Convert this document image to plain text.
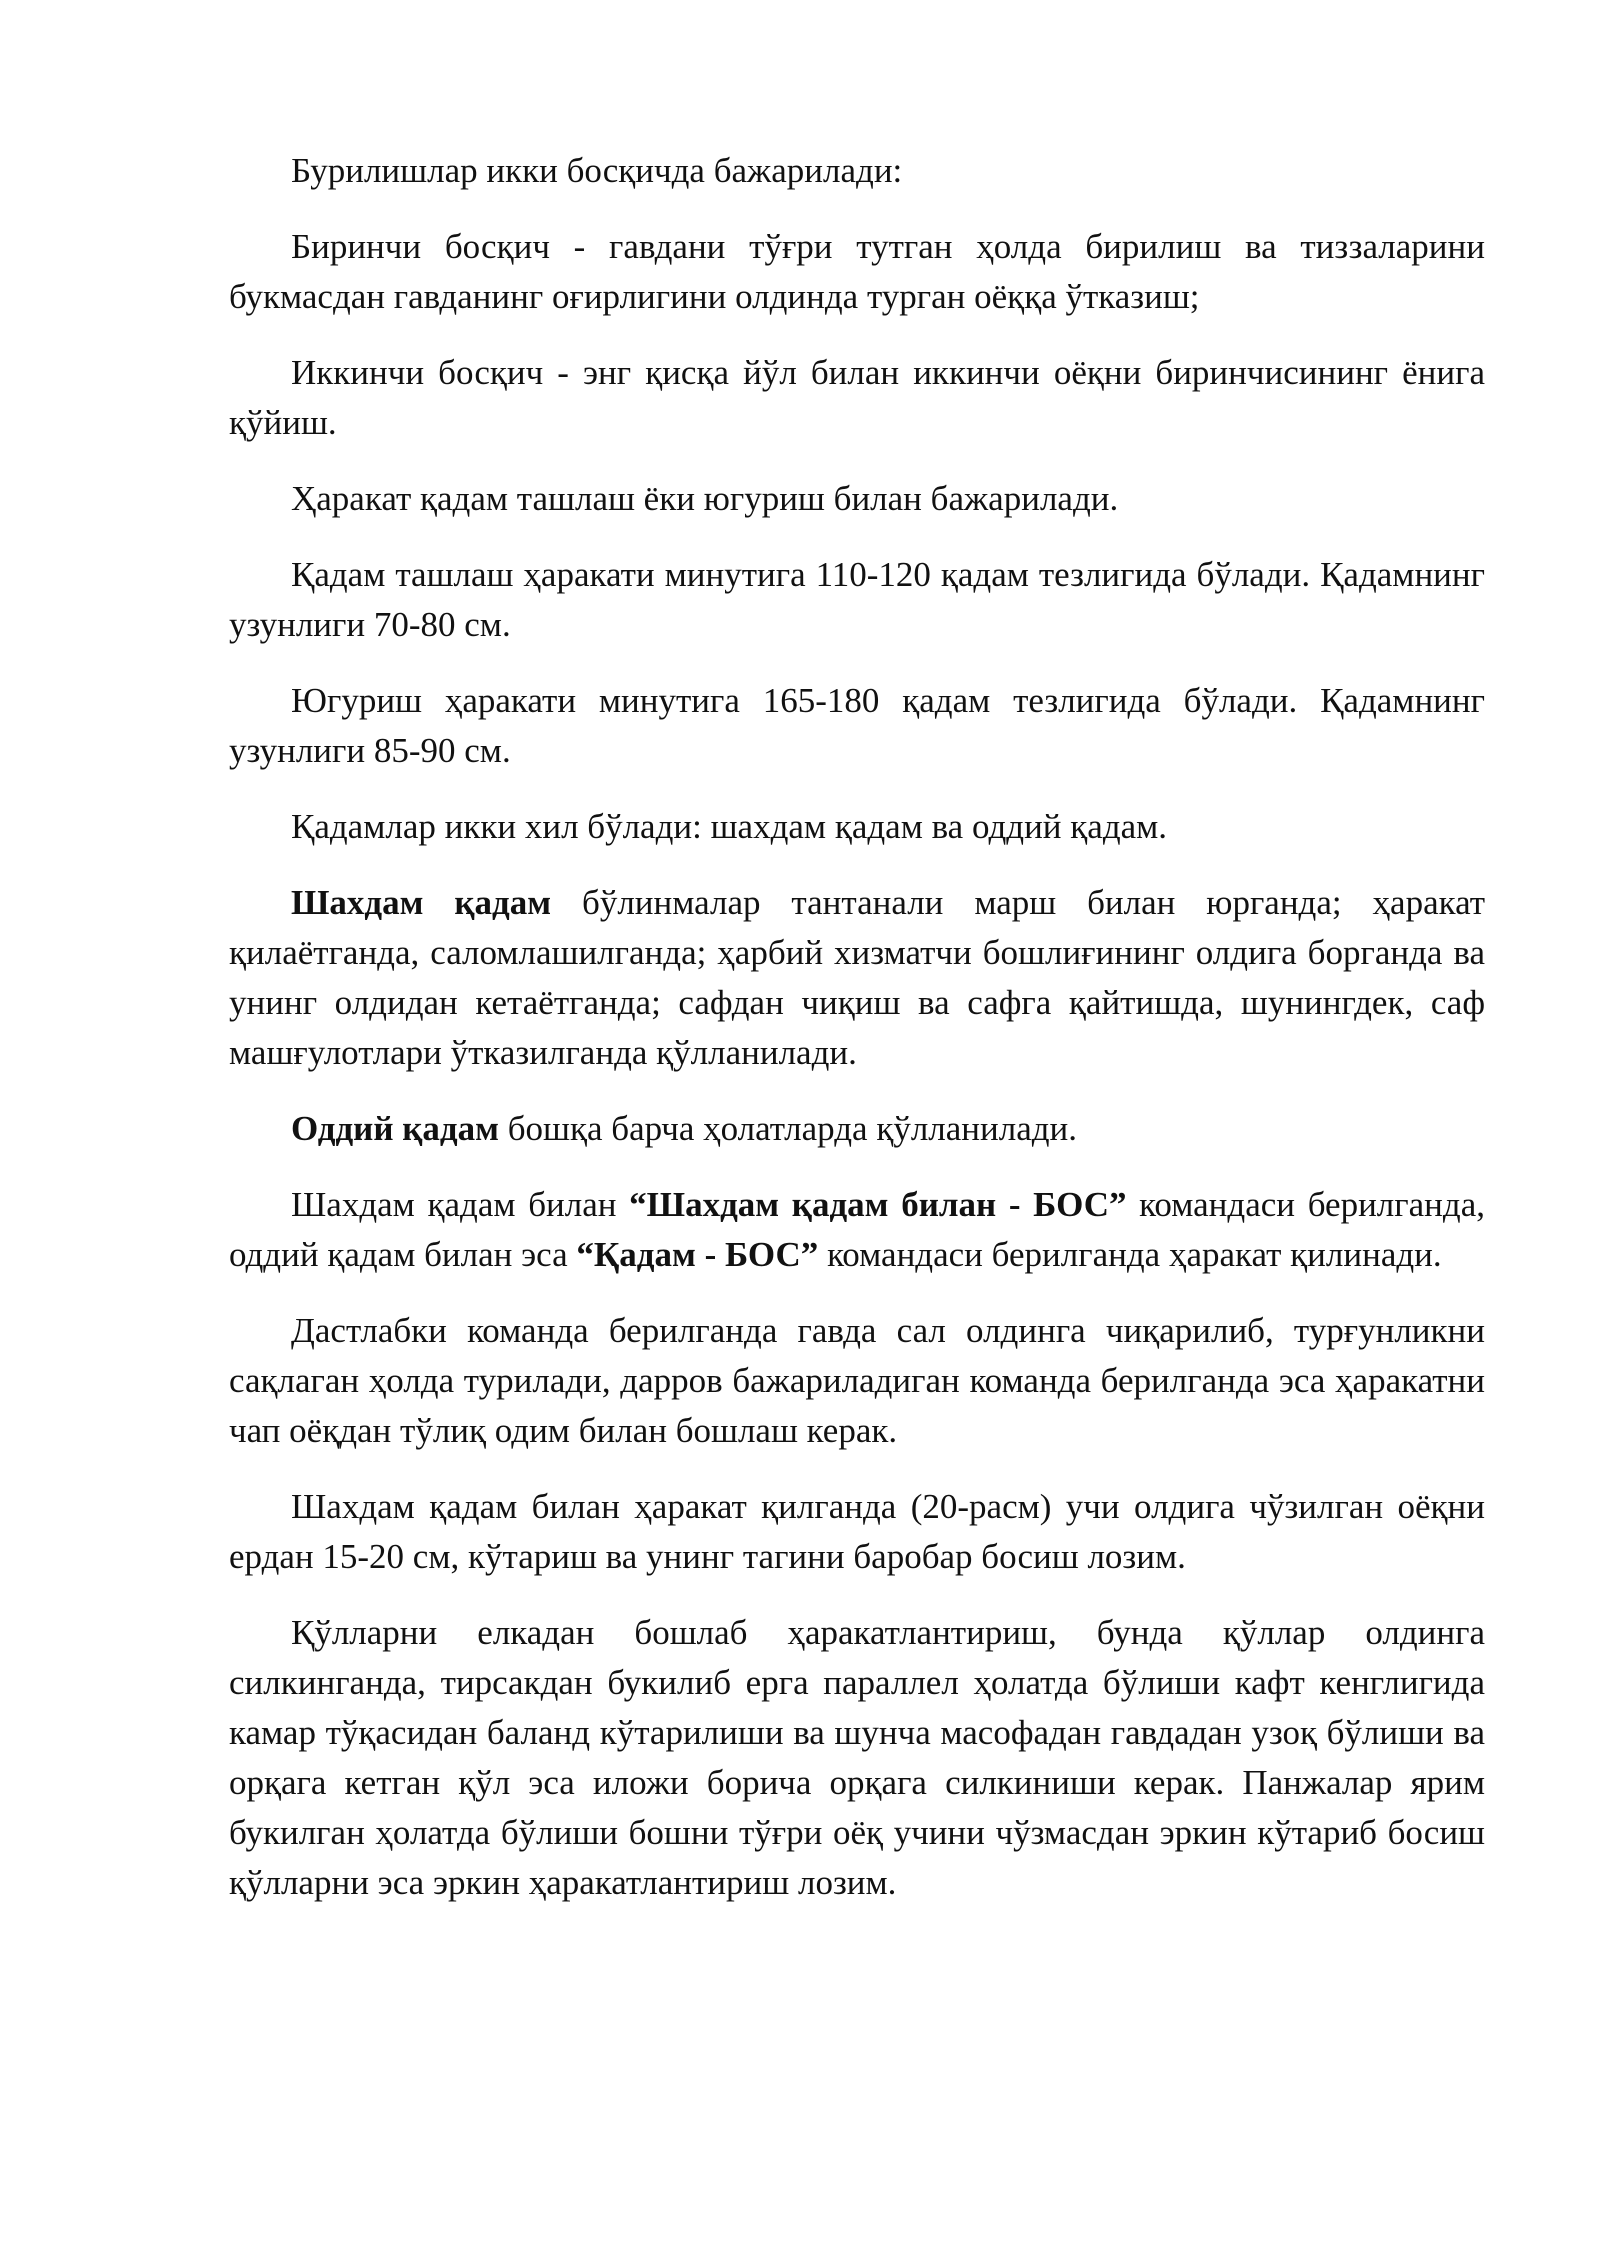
Бурилишлар икки босқичда бажарилади:

Биринчи босқич - гавдани тўғри тутган ҳолда бирилиш ва тиззаларини букмасдан гавданинг оғирлигини олдинда турган оёққа ўтказиш;

Иккинчи босқич - энг қисқа йўл билан иккинчи оёқни биринчисининг ёнига қўйиш.

Ҳаракат қадам ташлаш ёки югуриш билан бажарилади.

Қадам ташлаш ҳаракати минутига 110-120 қадам тезлигида бўлади. Қадамнинг узунлиги 70-80 см.

Югуриш ҳаракати минутига 165-180 қадам тезлигида бўлади. Қадамнинг узунлиги 85-90 см.

Қадамлар икки хил бўлади: шахдам қадам ва оддий қадам.

Шахдам қадам бўлинмалар тантанали марш билан юрганда; ҳаракат қилаётганда, саломлашилганда; ҳарбий хизматчи бошлиғининг олдига борганда ва унинг олдидан кетаётганда; сафдан чиқиш ва сафга қайтишда, шунингдек, саф машғулотлари ўтказилганда қўлланилади.

Оддий қадам бошқа барча ҳолатларда қўлланилади.

Шахдам қадам билан “Шахдам қадам билан - БОС” командаси берилганда, оддий қадам билан эса “Қадам - БОС” командаси берилганда ҳаракат қилинади.

Дастлабки команда берилганда гавда сал олдинга чиқарилиб, турғунликни сақлаган ҳолда турилади, дарров бажариладиган команда берилганда эса ҳаракатни чап оёқдан тўлиқ одим билан бошлаш керак.

Шахдам қадам билан ҳаракат қилганда (20-расм) учи олдига чўзилган оёқни ердан 15-20 см, кўтариш ва унинг тагини баробар босиш лозим.

Қўлларни елкадан бошлаб ҳаракатлантириш, бунда қўллар олдинга силкинганда, тирсакдан букилиб ерга параллел ҳолатда бўлиши кафт кенглигида камар тўқасидан баланд кўтарилиши ва шунча масофадан гавдадан узоқ бўлиши ва орқага кетган қўл эса иложи борича орқага силкиниши керак. Панжалар ярим букилган ҳолатда бўлиши бошни тўғри оёқ учини чўзмасдан эркин кўтариб босиш қўлларни эса эркин ҳаракатлантириш лозим.
